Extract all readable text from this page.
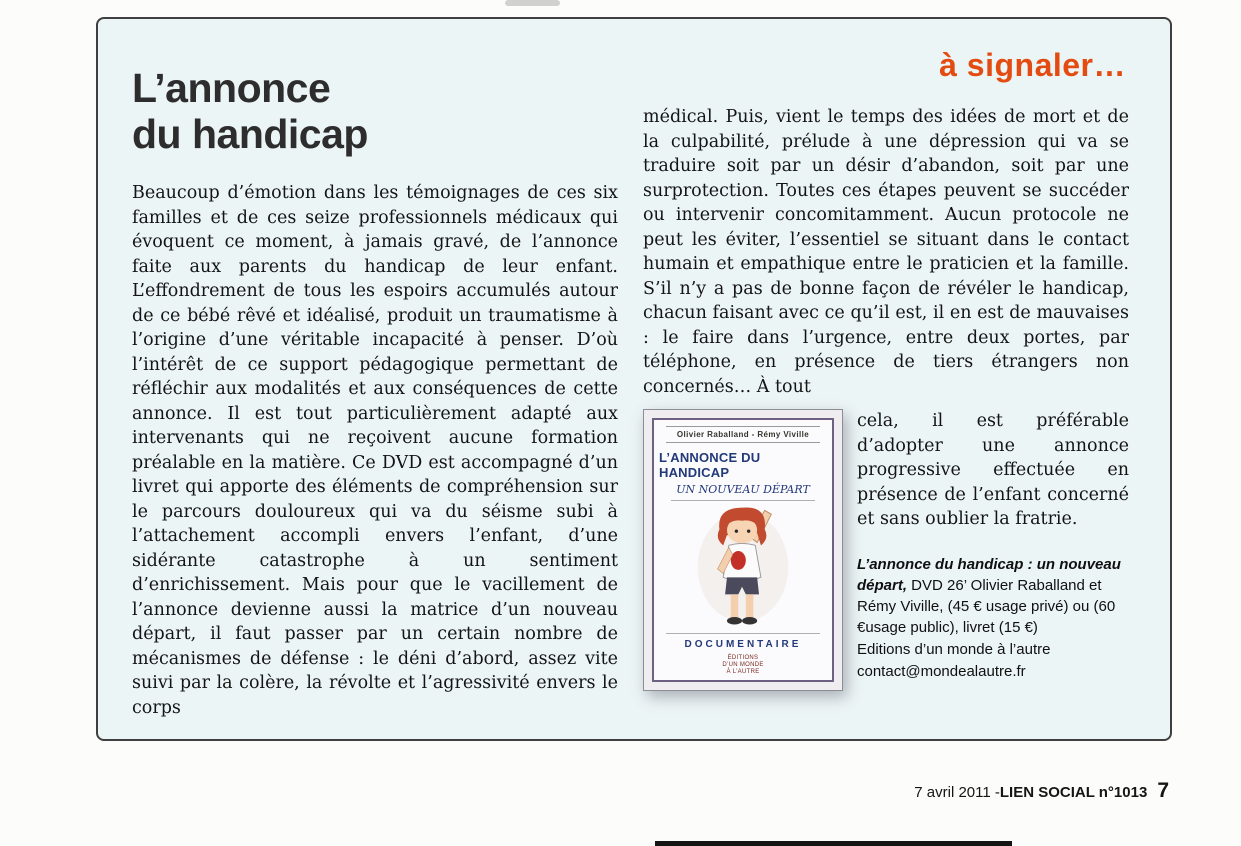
à signaler…
L’annonce
du handicap

Beaucoup d’émotion dans les témoignages de ces six familles et de ces seize professionnels médicaux qui évoquent ce moment, à jamais gravé, de l’annonce faite aux parents du handicap de leur enfant. L’effondrement de tous les espoirs accumulés autour de ce bébé rêvé et idéalisé, produit un traumatisme à l’origine d’une véritable incapacité à penser. D’où l’intérêt de ce support pédagogique permettant de réfléchir aux modalités et aux conséquences de cette annonce. Il est tout particulièrement adapté aux intervenants qui ne reçoivent aucune formation préalable en la matière. Ce DVD est accompagné d’un livret qui apporte des éléments de compréhension sur le parcours douloureux qui va du séisme subi à l’attachement accompli envers l’enfant, d’une sidérante catastrophe à un sentiment d’enrichissement. Mais pour que le vacillement de l’annonce devienne aussi la matrice d’un nouveau départ, il faut passer par un certain nombre de mécanismes de défense : le déni d’abord, assez vite suivi par la colère, la révolte et l’agressivité envers le corps

médical. Puis, vient le temps des idées de mort et de la culpabilité, prélude à une dépression qui va se traduire soit par un désir d’abandon, soit par une surprotection. Toutes ces étapes peuvent se succéder ou intervenir concomitamment. Aucun protocole ne peut les éviter, l’essentiel se situant dans le contact humain et empathique entre le praticien et la famille. S’il n’y a pas de bonne façon de révéler le handicap, chacun faisant avec ce qu’il est, il en est de mauvaises : le faire dans l’urgence, entre deux portes, par téléphone, en présence de tiers étrangers non concernés… À tout

Olivier Raballand - Rémy Viville
L’ANNONCE DU HANDICAP
UN NOUVEAU DÉPART
DOCUMENTAIRE
ÉDITIONS
D’UN MONDE
À L’AUTRE

cela, il est préférable d’adopter une annonce progressive effectuée en présence de l’enfant concerné et sans oublier la fratrie.

L’annonce du handicap : un nouveau départ, DVD 26’ Olivier Raballand et Rémy Viville, (45 € usage privé) ou (60 €usage public), livret (15 €)
Editions d’un monde à l’autre
contact@mondealautre.fr
7 avril 2011 - LIEN SOCIAL n°1013 7
